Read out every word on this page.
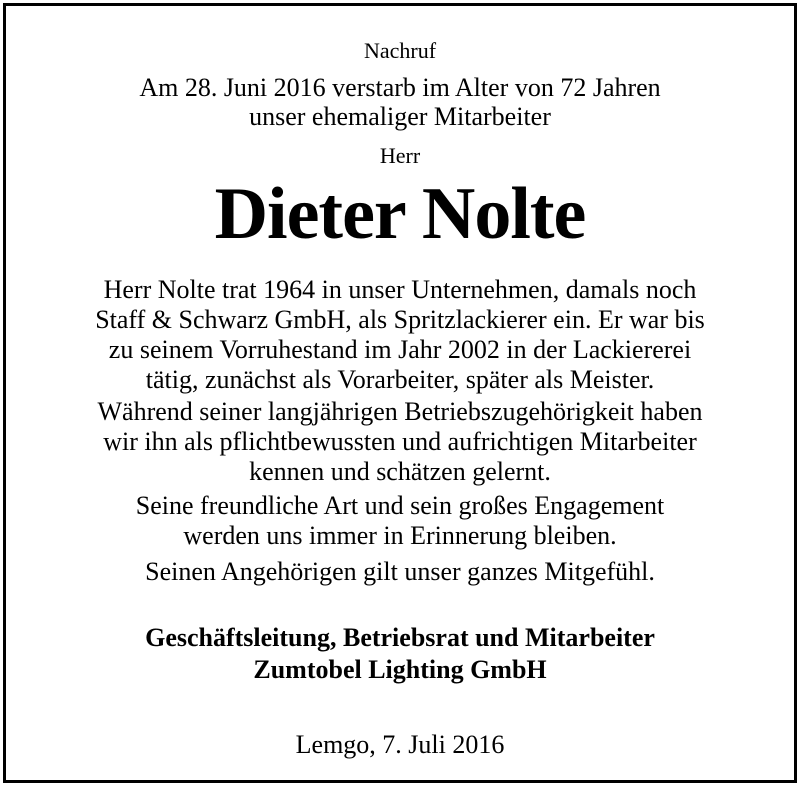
Nachruf
Am 28. Juni 2016 verstarb im Alter von 72 Jahren
unser ehemaliger Mitarbeiter
Herr
Dieter Nolte
Herr Nolte trat 1964 in unser Unternehmen, damals noch
Staff & Schwarz GmbH, als Spritzlackierer ein. Er war bis
zu seinem Vorruhestand im Jahr 2002 in der Lackiererei
tätig, zunächst als Vorarbeiter, später als Meister.
Während seiner langjährigen Betriebszugehörigkeit haben
wir ihn als pflichtbewussten und aufrichtigen Mitarbeiter
kennen und schätzen gelernt.
Seine freundliche Art und sein großes Engagement
werden uns immer in Erinnerung bleiben.
Seinen Angehörigen gilt unser ganzes Mitgefühl.
Geschäftsleitung, Betriebsrat und Mitarbeiter
Zumtobel Lighting GmbH
Lemgo, 7. Juli 2016
